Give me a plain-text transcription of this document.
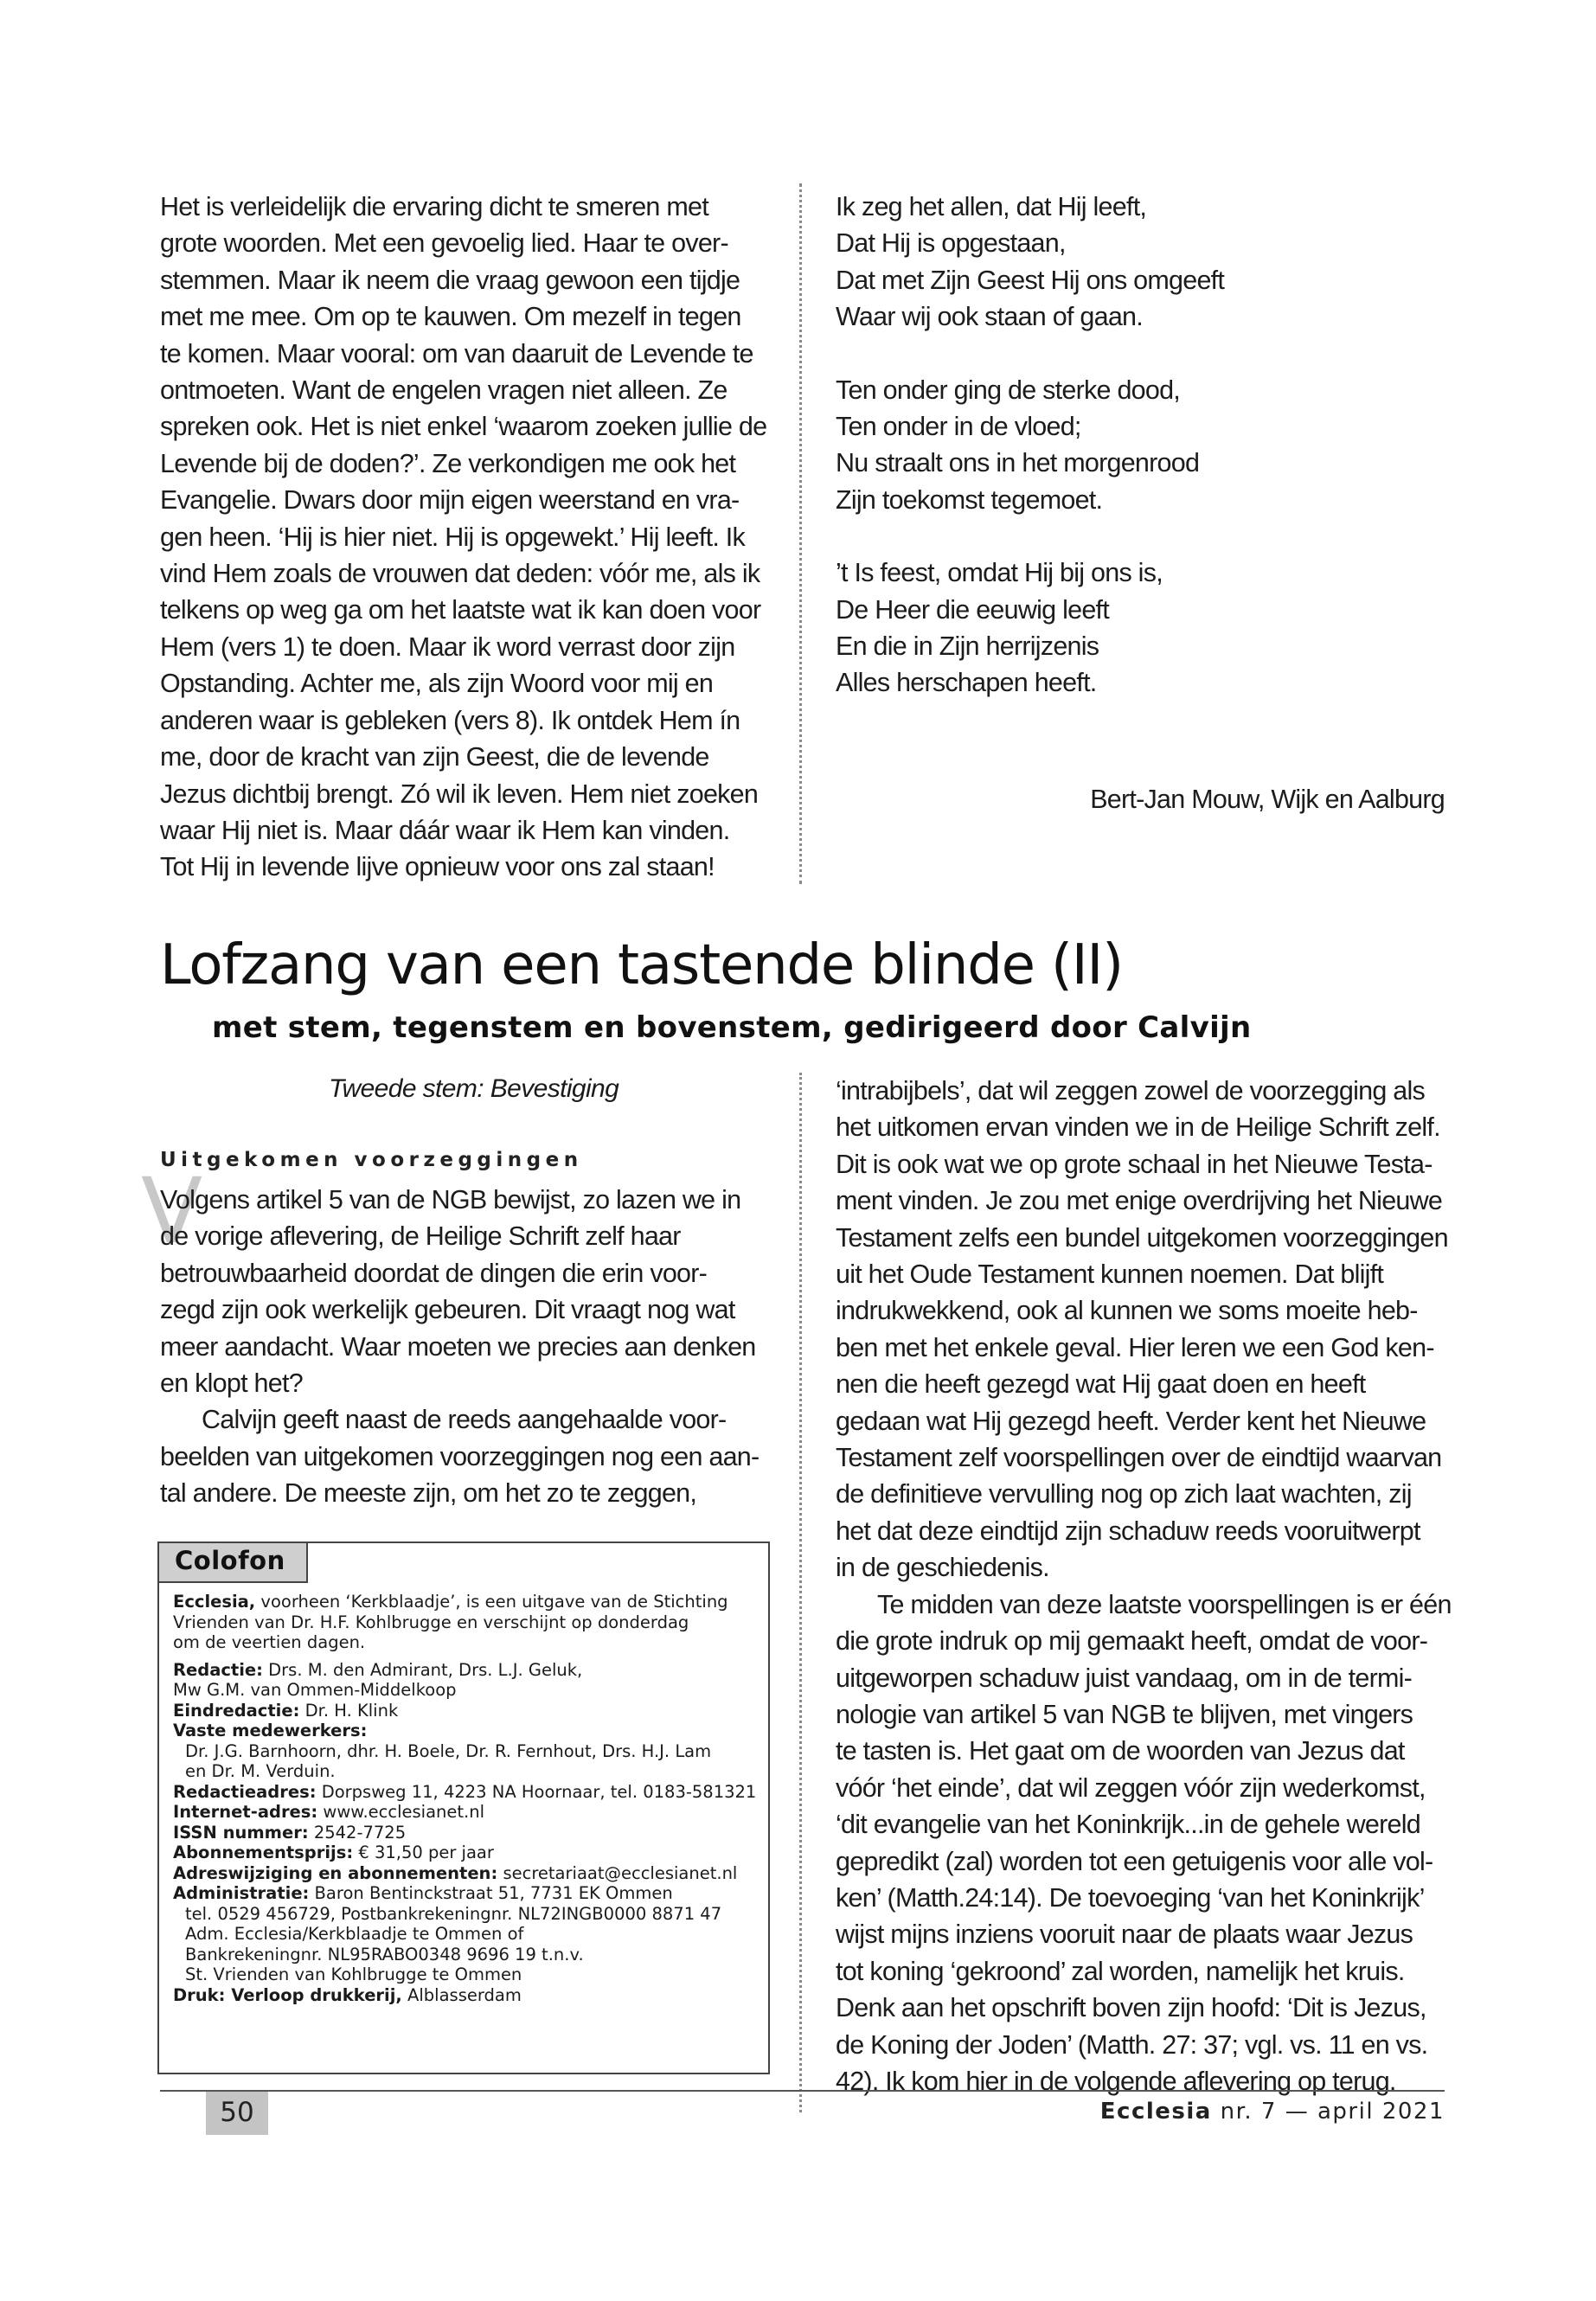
Het is verleidelijk die ervaring dicht te smeren met
grote woorden. Met een gevoelig lied. Haar te over-
stemmen. Maar ik neem die vraag gewoon een tijdje
met me mee. Om op te kauwen. Om mezelf in tegen
te komen. Maar vooral: om van daaruit de Levende te
ontmoeten. Want de engelen vragen niet alleen. Ze
spreken ook. Het is niet enkel ‘waarom zoeken jullie de
Levende bij de doden?’. Ze verkondigen me ook het
Evangelie. Dwars door mijn eigen weerstand en vra-
gen heen. ‘Hij is hier niet. Hij is opgewekt.’ Hij leeft. Ik
vind Hem zoals de vrouwen dat deden: vóór me, als ik
telkens op weg ga om het laatste wat ik kan doen voor
Hem (vers 1) te doen. Maar ik word verrast door zijn
Opstanding. Achter me, als zijn Woord voor mij en
anderen waar is gebleken (vers 8). Ik ontdek Hem ín
me, door de kracht van zijn Geest, die de levende
Jezus dichtbij brengt. Zó wil ik leven. Hem niet zoeken
waar Hij niet is. Maar dáár waar ik Hem kan vinden.
Tot Hij in levende lijve opnieuw voor ons zal staan!
Ik zeg het allen, dat Hij leeft,
Dat Hij is opgestaan,
Dat met Zijn Geest Hij ons omgeeft
Waar wij ook staan of gaan.
Ten onder ging de sterke dood,
Ten onder in de vloed;
Nu straalt ons in het morgenrood
Zijn toekomst tegemoet.
’t Is feest, omdat Hij bij ons is,
De Heer die eeuwig leeft
En die in Zijn herrijzenis
Alles herschapen heeft.
Bert-Jan Mouw, Wijk en Aalburg
Lofzang van een tastende blinde (II)
met stem, tegenstem en bovenstem, gedirigeerd door Calvijn
Tweede stem: Bevestiging
Uitgekomen voorzeggingen
V
Volgens artikel 5 van de NGB bewijst, zo lazen we in
de vorige aflevering, de Heilige Schrift zelf haar
betrouwbaarheid doordat de dingen die erin voor-
zegd zijn ook werkelijk gebeuren. Dit vraagt nog wat
meer aandacht. Waar moeten we precies aan denken
en klopt het?
Calvijn geeft naast de reeds aangehaalde voor-
beelden van uitgekomen voorzeggingen nog een aan-
tal andere. De meeste zijn, om het zo te zeggen,
Colofon
Ecclesia, voorheen ‘Kerkblaadje’, is een uitgave van de Stichting
Vrienden van Dr. H.F. Kohlbrugge en verschijnt op donderdag
om de veertien dagen.
Redactie: Drs. M. den Admirant, Drs. L.J. Geluk,
Mw G.M. van Ommen-Middelkoop
Eindredactie: Dr. H. Klink
Vaste medewerkers:
Dr. J.G. Barnhoorn, dhr. H. Boele, Dr. R. Fernhout, Drs. H.J. Lam
en Dr. M. Verduin.
Redactieadres: Dorpsweg 11, 4223 NA Hoornaar, tel. 0183-581321
Internet-adres: www.ecclesianet.nl
ISSN nummer: 2542-7725
Abonnementsprijs: € 31,50 per jaar
Adreswijziging en abonnementen: secretariaat@ecclesianet.nl
Administratie: Baron Bentinckstraat 51, 7731 EK Ommen
tel. 0529 456729, Postbankrekeningnr. NL72INGB0000 8871 47
Adm. Ecclesia/Kerkblaadje te Ommen of
Bankrekeningnr. NL95RABO0348 9696 19 t.n.v.
St. Vrienden van Kohlbrugge te Ommen
Druk: Verloop drukkerij, Alblasserdam
‘intrabijbels’, dat wil zeggen zowel de voorzegging als
het uitkomen ervan vinden we in de Heilige Schrift zelf.
Dit is ook wat we op grote schaal in het Nieuwe Testa-
ment vinden. Je zou met enige overdrijving het Nieuwe
Testament zelfs een bundel uitgekomen voorzeggingen
uit het Oude Testament kunnen noemen. Dat blijft
indrukwekkend, ook al kunnen we soms moeite heb-
ben met het enkele geval. Hier leren we een God ken-
nen die heeft gezegd wat Hij gaat doen en heeft
gedaan wat Hij gezegd heeft. Verder kent het Nieuwe
Testament zelf voorspellingen over de eindtijd waarvan
de definitieve vervulling nog op zich laat wachten, zij
het dat deze eindtijd zijn schaduw reeds vooruitwerpt
in de geschiedenis.
Te midden van deze laatste voorspellingen is er één
die grote indruk op mij gemaakt heeft, omdat de voor-
uitgeworpen schaduw juist vandaag, om in de termi-
nologie van artikel 5 van NGB te blijven, met vingers
te tasten is. Het gaat om de woorden van Jezus dat
vóór ‘het einde’, dat wil zeggen vóór zijn wederkomst,
‘dit evangelie van het Koninkrijk...in de gehele wereld
gepredikt (zal) worden tot een getuigenis voor alle vol-
ken’ (Matth.24:14). De toevoeging ‘van het Koninkrijk’
wijst mijns inziens vooruit naar de plaats waar Jezus
tot koning ‘gekroond’ zal worden, namelijk het kruis.
Denk aan het opschrift boven zijn hoofd: ‘Dit is Jezus,
de Koning der Joden’ (Matth. 27: 37; vgl. vs. 11 en vs.
42). Ik kom hier in de volgende aflevering op terug.
50	Ecclesia nr. 7 — april 2021
